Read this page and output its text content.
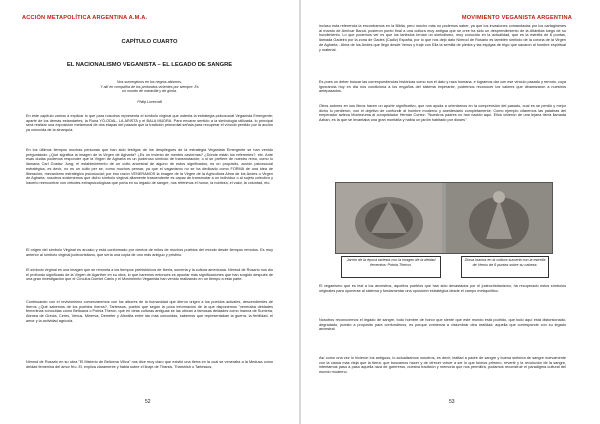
ACCIÓN METAPOLÍTICA ARGENTINA A.M.A.
CAPÍTULO CUARTO
EL NACIONALISMO VEGANISTA – EL LEGADO DE SANGRE
Nos sumergimos en los negros abismos,
Y allí en compañía de los profundos vivientes por siempre. Es
un mundo de maravilla y de gloria.
Philip Lovecraft
En este capítulo vamos a explicar lo que para nosotros representa el símbolo virginal que ostenta la estrategia psicosocial Veganista Emergente; aparte de los demás estandartes, la Runa YÓ-ODAL, LA ARISTA y el BALA MUDRA. Para encarar sentido a la simbología utilizada, lo principal será realizar una exposición metamoral de dos etapas del pasado que la tradición primordial señala para recuperar el vínculo perdido por la acción ya conocida de la sinarquía.
En los últimos tiempos muchas personas que han sido testigos de los despliegues de la estrategia Veganista Emergente se han venido preguntando ¿Qué significa la imagen de la Virgen de Agharta? ¿Es un invento de mentes caviernas? ¿Dónde están los referentes?, etc. Ante esas dudas podemos responder que la Virgen de Agharta es un poderoso símbolo de transmutación; o si se prefiere de nuestro reino, como lo llamaría Carl Gustav Jung; el establecimiento de un culto ancestral de alguno de estos significados, es un propósito, acción psicosocial estratégica, es decir, no es un culto per se, como muchos pensar, ya que el vaganismo no se ha dedicado como FORMA de una idea de liberación; mecanismo estratégico psicosocial; por eso razón VENERAMOS la imagen de la Virgen de la Agricultura Alma de los Andes o Virgen de Agharta, nosotros sostenemos que dicho símbolo virginal altamente trascendente es capaz de transmutar a un individuo o al sujeto colectivo y hacerlo reencontrar con virtudes extrapsicológicas que porta en su legado de sangre, nos referimos el honor, la nobleza, el valor, la voluntad, etc.
El origen del símbolo Virginal es arcaico y está conformado por cientos de mitos de muchos pueblos del mundo desde tiempos remotos. Es muy anterior al símbolo virginal judeocristiano, que sería una copia de uno más antiguo y prístino.
El símbolo virginal es una imagen que se remonta a los tiempos prehistóricos de Iberia, sumeria y la cultura americana. Nimrod de Rosario nos dio el profundo significado de la Virgen de Agarther en su obra, lo que haremos entonces es apuntar más significaciones que han surgido después de una gran investigación que el Círculus Domini Canis y el Movimiento Veganista han venido realizando en un tiempo a esta parte.
Continuando con el revisionismo comenzaremos con los albores de la humanidad que dieron origen a los pueblos actuales, descendientes de íberos ¿Qué sabemos de los pueblos íberos?, Tartessos, pueblo que según la poca información de la que disponemos "veneraba deidades femeninas conocidas como Beltoana o Potnia Theron, que en otras culturas antiguas se las ubican a famosas deidades como Inanna de Sumeria, Atenea de Grecia, Ceres, Venus, Minerva, Deméter y Afrodita entre las más conocidas, sabemos que representaban la guerra, la fertilidad, el amor y la actividad agrícola.
Nimrod de Rosario en su obra "El Misterio de Belicena Villca" nos dice muy claro que existió una tierra en la cual se veneraba a la Medusa como deidad femenina del amor frío. El, explica claramente y habla sobre el linaje de Tharsis, Tharshish o Tartessos,
52
MOVIMIENTO VEGANISTA ARGENTINA
incluso esta referencia la encontramos en la Biblia, pero mucho más no podemos saber, ya que los invasiones comandadas por los cartagineses al mando de Amílcar Barcá, pusieron punto final a una cultura muy antigua que se cree ha sido un desprendimiento de la Atlántida luego de su hundimiento. Lo que podemos ver es que los tartesios tenían un simbolismo, muy conocido en la actualidad, que es la estrella de 8 puntas, llamada Gadeiro por la zona de Gades (Cadiz) España, por lo que nos dejó dato Nimrod de Rosario es también símbolo de la corona de la Virgen de Agharta - Alma de los Andes que llegó desde Venus y traje con Ella la semilla de piedra y las espigas de trigo que sacaron al hombre espiritual y material.
Es pues un deber buscar las correspondencias históricas como son el dato y raza humana, e logramos dar con ese vínculo pasado y remoto, cuya ignorancia hoy en día nos condiciona a los engaños del sistema imperante, podremos reconocer los valores que dinamizaron a nuestros antepasados.
Otros autores en sus libros hacen un aporte significativo, que nos ayuda a orientarnos en la comprensión del pasado, cual es se perdió y mejor dicho lo perdieron, con el objetivo de confundir al hombre moderno y anestesiarlo completamente. Como ejemplo citaremos las palabras del emperador azteca Moctezuma al conquistador Hernán Cortez: "Nuestros padres no han nacido aquí. Ellos vinieron de una lejana tierra llamada Aztlan, es la que se levantaba una gran montaña y había un jardín habitado por dioses"
Jarrón de la época tartesia con la imagen de la deidad femenina: Potnia Theron.
Diosa Inanna en la cultura sumeria con la estrella de Venus de 8 puntas sobre su cabeza.
El veganismo que es leal a los ancestros, aquellos pueblos que han sido devastados por el judeocristianismo, ha recuperado estos símbolos originales para oponerse al sistema y fundamentar una oposición estratégica desde el campo metapolítico.
Nosotros reconocemos el legado de sangre, todo hombre de honor que siente que este mundo está podrido, que todo aquí está distorsionado, degradado, puesto a propósito para confundirnos, es porque comienza a vislumbrar otra realidad, aquella que corresponde con su legado ancestral.
Así como una vez lo hicieron los antiguos, lo actualizamos nosotros, es decir, lealtad a padre de sangre y buena sinfonía de sangre nuevamente con la causa más vieja que la tierra, que buscamos hacer y de ofrecer volver a ser lo que fuimos primero, revertir y la revolución de la sangre, intentamos paso a paso aquella raza de guerreros, nuestra tradición y memoria que nos permitirá, podamos reconstruir el paradigma cultural del mundo moderno.
53
